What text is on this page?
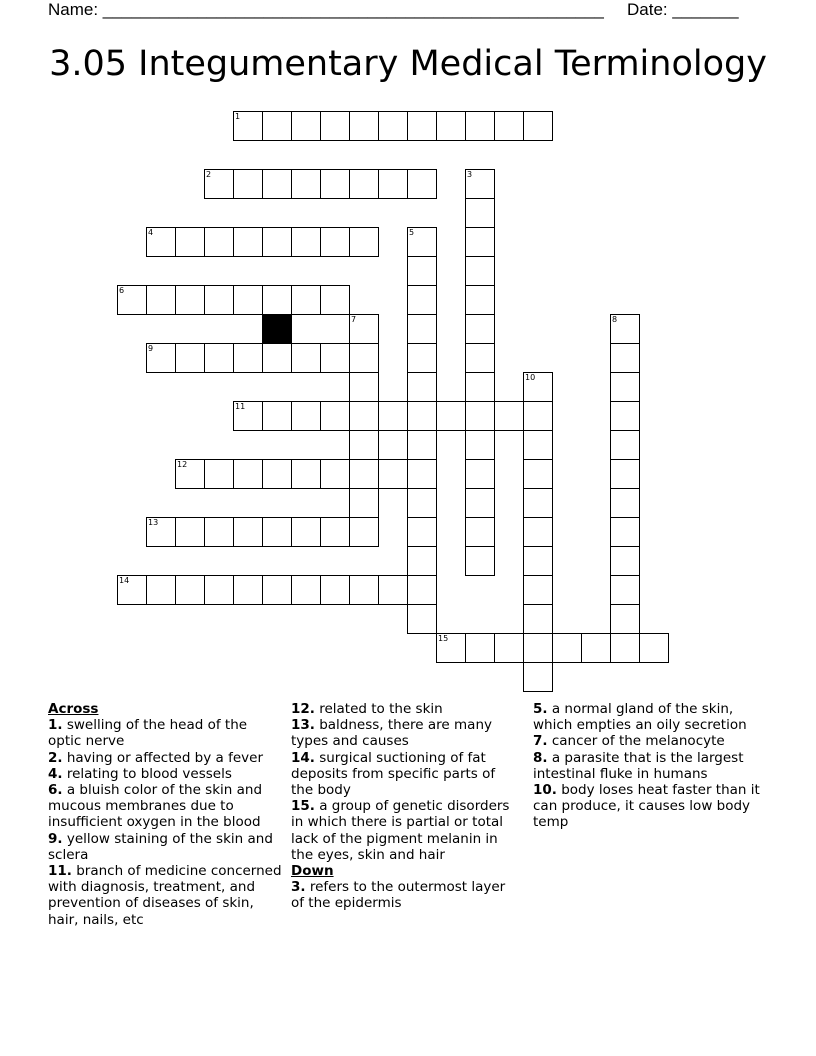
Name: _____________________________________________________ Date: _______
3.05 Integumentary Medical Terminology
1
2	3
4	5
6
7	8
9
10
11
12
13
14
15
Across

1. swelling of the head of the optic nerve

2. having or affected by a fever

4. relating to blood vessels

6. a bluish color of the skin and mucous membranes due to insufficient oxygen in the blood

9. yellow staining of the skin and sclera

11. branch of medicine concerned with diagnosis, treatment, and prevention of diseases of skin, hair, nails, etc

12. related to the skin

13. baldness, there are many types and causes

14. surgical suctioning of fat deposits from specific parts of the body

15. a group of genetic disorders in which there is partial or total lack of the pigment melanin in the eyes, skin and hair

Down

3. refers to the outermost layer of the epidermis

5. a normal gland of the skin, which empties an oily secretion

7. cancer of the melanocyte

8. a parasite that is the largest intestinal fluke in humans

10. body loses heat faster than it can produce, it causes low body temp
